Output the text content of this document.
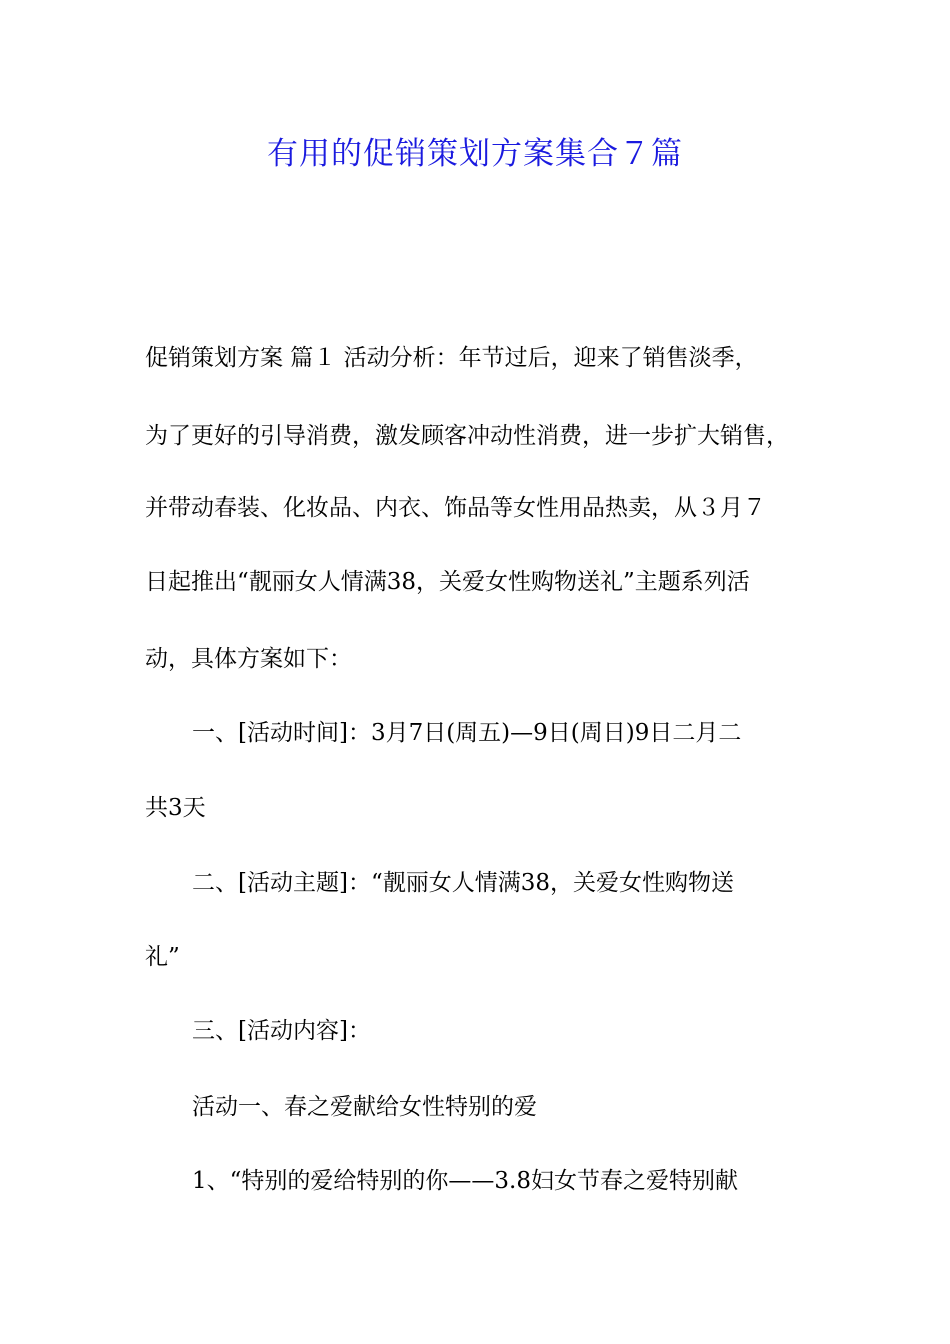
有用的促销策划方案集合７篇
促销策划方案 篇１ 活动分析：年节过后，迎来了销售淡季，
为了更好的引导消费，激发顾客冲动性消费，进一步扩大销售，
并带动春装、化妆品、内衣、饰品等女性用品热卖，从３月７
日起推出“靓丽女人情满38，关爱女性购物送礼”主题系列活
动，具体方案如下：
一、[活动时间]：3月7日(周五)—9日(周日)9日二月二
共3天
二、[活动主题]：“靓丽女人情满38，关爱女性购物送
礼”
三、[活动内容]：
活动一、春之爱献给女性特别的爱
1、“特别的爱给特别的你——3.8妇女节春之爱特别献
